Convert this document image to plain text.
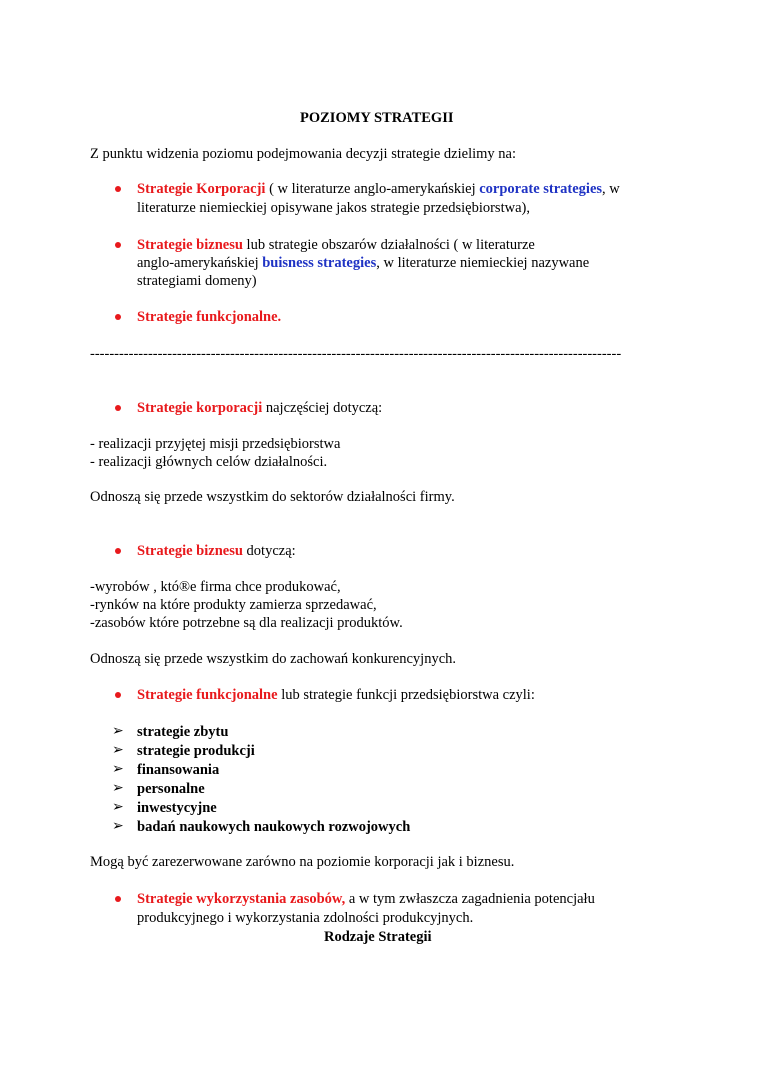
POZIOMY STRATEGII
Z punktu widzenia poziomu podejmowania decyzji strategie dzielimy na:
Strategie Korporacji ( w literaturze anglo-amerykańskiej corporate strategies, w
literaturze niemieckiej opisywane jakos strategie przedsiębiorstwa),
Strategie biznesu lub strategie obszarów działalności ( w literaturze
anglo-amerykańskiej buisness strategies, w literaturze niemieckiej nazywane
strategiami domeny)
Strategie funkcjonalne.
--------------------------------------------------------------------------------------------------------------
Strategie korporacji najczęściej dotyczą:
- realizacji przyjętej misji przedsiębiorstwa
- realizacji głównych celów działalności.
Odnoszą się przede wszystkim do sektorów działalności firmy.
Strategie biznesu dotyczą:
-wyrobów , któ®e firma chce produkować,
-rynków na które produkty zamierza sprzedawać,
-zasobów które potrzebne są dla realizacji produktów.
Odnoszą się przede wszystkim do zachowań konkurencyjnych.
Strategie funkcjonalne lub strategie funkcji przedsiębiorstwa czyli:
➢ strategie zbytu
➢ strategie produkcji
➢ finansowania
➢ personalne
➢ inwestycyjne
➢ badań naukowych naukowych rozwojowych
Mogą być zarezerwowane zarówno na poziomie korporacji jak i biznesu.
Strategie wykorzystania zasobów, a w tym zwłaszcza zagadnienia potencjału
produkcyjnego i wykorzystania zdolności produkcyjnych.
Rodzaje Strategii
